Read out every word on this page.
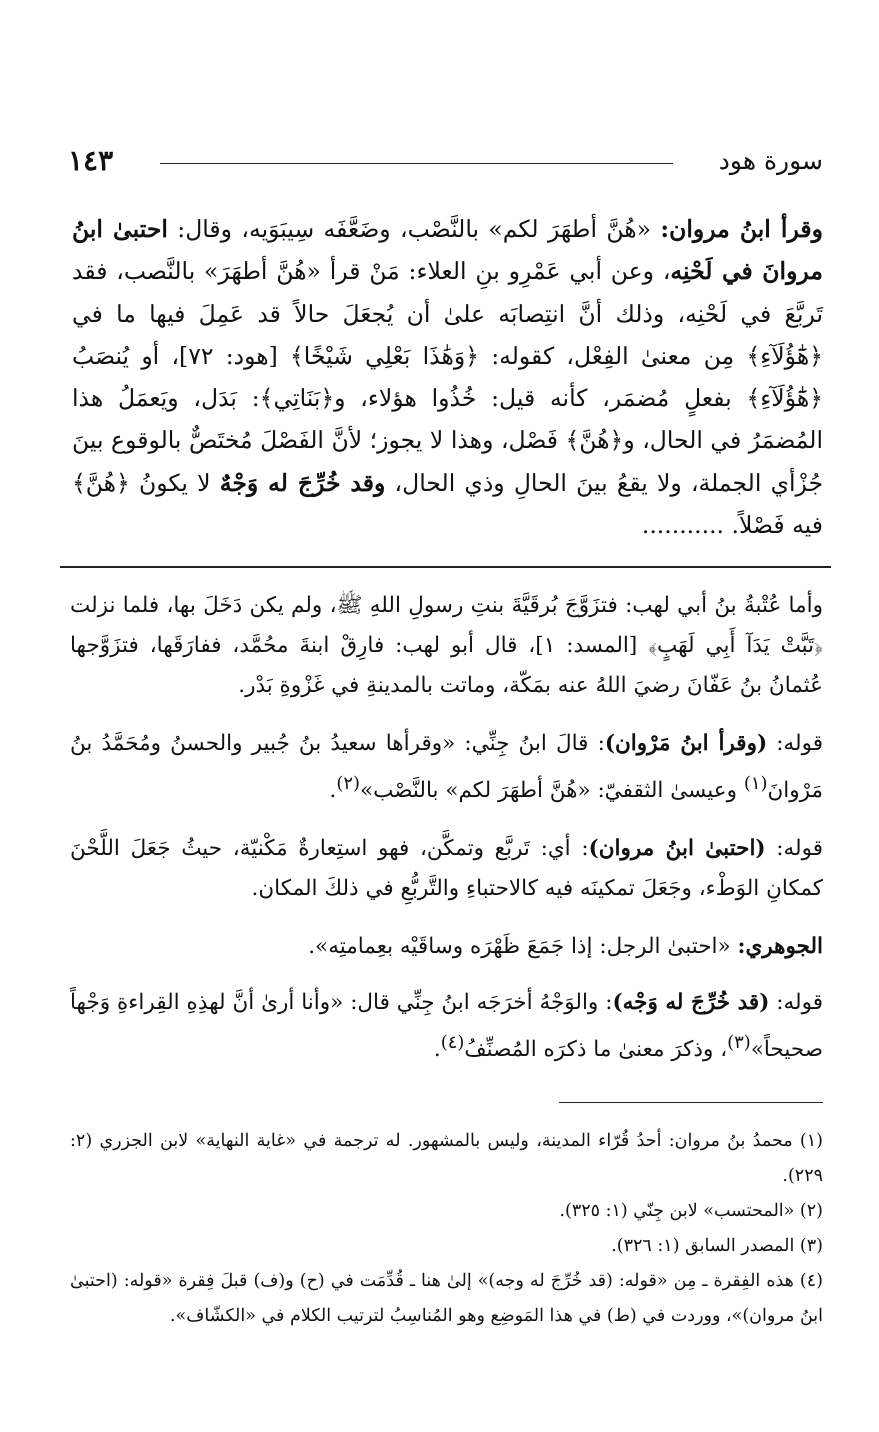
سورة هود
١٤٣

وقرأ ابنُ مروان: «هُنَّ أطهَرَ لكم» بالنَّصْب، وضَعَّفَه سِيبَوَيه، وقال: احتبىٰ ابنُ مروانَ في لَحْنِه، وعن أبي عَمْرِو بنِ العلاء: مَنْ قرأ «هُنَّ أطهَرَ» بالنَّصب، فقد تَربَّعَ في لَحْنِه، وذلك أنَّ انتِصابَه علىٰ أن يُجعَلَ حالاً قد عَمِلَ فيها ما في ﴿هَٰٓؤُلَآءِ﴾ مِن معنىٰ الفِعْل، كقوله: ﴿وَهَٰذَا بَعْلِي شَيْخًا﴾ [هود: ٧٢]، أو يُنصَبُ ﴿هَٰٓؤُلَآءِ﴾ بفعلٍ مُضمَر، كأنه قيل: خُذُوا هؤلاء، و﴿بَنَاتِي﴾: بَدَل، ويَعمَلُ هذا المُضمَرُ في الحال، و﴿هُنَّ﴾ فَصْل، وهذا لا يجوز؛ لأنَّ الفَصْلَ مُختَصٌّ بالوقوع بينَ جُزْأي الجملة، ولا يقعُ بينَ الحالِ وذي الحال، وقد خُرِّجَ له وَجْهٌ لا يكونُ ﴿هُنَّ﴾ فيه فَصْلاً. ...........

وأما عُتْبةُ بنُ أبي لهب: فتزَوَّجَ بُرقَيَّةَ بنتِ رسولِ اللهِ ﷺ، ولم يكن دَخَلَ بها، فلما نزلت ﴿تَبَّتْ يَدَآ أَبِي لَهَبٍ﴾ [المسد: ١]، قال أبو لهب: فارِقْ ابنةَ محُمَّد، ففارَقَها، فتزَوَّجها عُثمانُ بنُ عَفّانَ رضيَ اللهُ عنه بمَكّة، وماتت بالمدينةِ في غَزْوةِ بَدْر.

قوله: (وقرأ ابنُ مَرْوان): قالَ ابنُ جِنِّي: «وقرأها سعيدُ بنُ جُبير والحسنُ ومُحَمَّدُ بنُ مَرْوانَ$^{(١)}$ وعيسىٰ الثقفيّ: «هُنَّ أطهَرَ لكم» بالنَّصْب»$^{(٢)}$.

قوله: (احتبىٰ ابنُ مروان): أي: تَربَّع وتمكَّن، فهو استِعارةٌ مَكْنيّة، حيثُ جَعَلَ اللَّحْنَ كمكانِ الوَطْء، وجَعَلَ تمكينَه فيه كالاحتباءِ والتَّربُّعِ في ذلكَ المكان.

الجوهري: «احتبىٰ الرجل: إذا جَمَعَ ظَهْرَه وساقَيْه بعِمامتِه».

قوله: (قد خُرِّجَ له وَجْه): والوَجْهُ أخرَجَه ابنُ جِنِّي قال: «وأنا أرىٰ أنَّ لهذِهِ القِراءةِ وَجْهاً صحيحاً»$^{(٣)}$، وذكرَ معنىٰ ما ذكرَه المُصنِّفُ$^{(٤)}$.

(١) محمدُ بنُ مروان: أحدُ قُرّاء المدينة، وليس بالمشهور. له ترجمة في «غاية النهاية» لابن الجزري (٢: ٢٢٩).

(٢) «المحتسب» لابن جِنّي (١: ٣٢٥).

(٣) المصدر السابق (١: ٣٢٦).

(٤) هذه الفِقرة ـ مِن «قوله: (قد خُرِّجَ له وجه)» إلىٰ هنا ـ قُدِّمَت في (ح) و(ف) قبلَ فِقرة «قوله: (احتبىٰ ابنُ مروان)»، ووردت في (ط) في هذا المَوضِع وهو المُناسِبُ لترتيب الكلام في «الكشّاف».
